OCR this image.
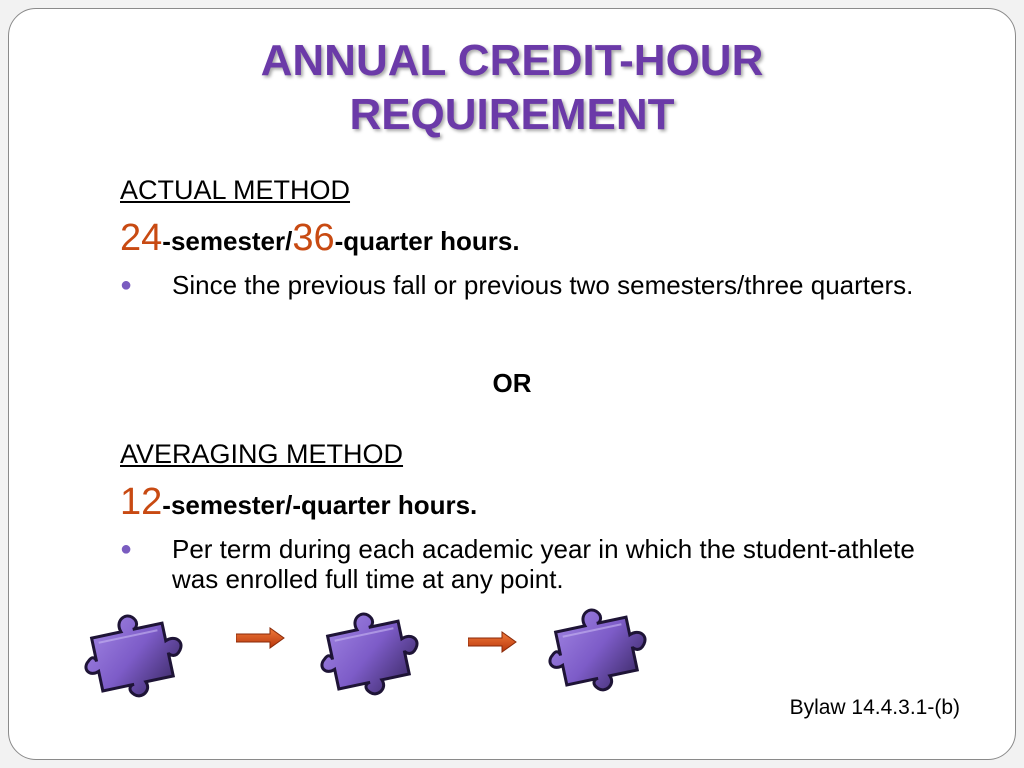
ANNUAL CREDIT-HOUR
REQUIREMENT
ACTUAL METHOD
24-semester/36-quarter hours.
● Since the previous fall or previous two semesters/three quarters.
OR
AVERAGING METHOD
12-semester/-quarter hours.
● Per term during each academic year in which the student-athlete was enrolled full time at any point.
Bylaw 14.4.3.1-(b)
